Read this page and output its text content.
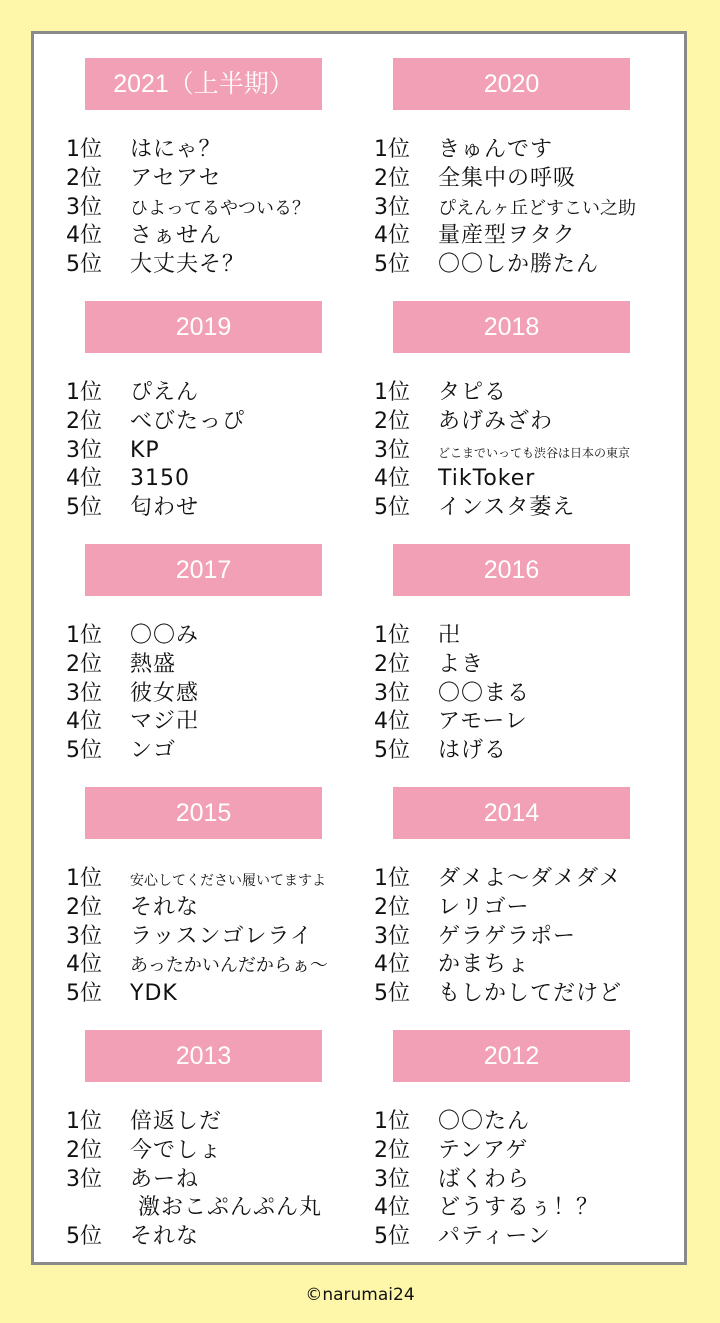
2021（上半期）
1位 はにゃ？
2位 アセアセ
3位 ひよってるやついる？
4位 さぁせん
5位 大丈夫そ？
2020
1位 きゅんです
2位 全集中の呼吸
3位 ぴえんヶ丘どすこい之助
4位 量産型ヲタク
5位 〇〇しか勝たん
2019
1位 ぴえん
2位 べびたっぴ
3位 KP
4位 3150
5位 匂わせ
2018
1位 タピる
2位 あげみざわ
3位 どこまでいっても渋谷は日本の東京
4位 TikToker
5位 インスタ萎え
2017
1位 〇〇み
2位 熱盛
3位 彼女感
4位 マジ卍
5位 ンゴ
2016
1位 卍
2位 よき
3位 〇〇まる
4位 アモーレ
5位 はげる
2015
1位 安心してください履いてますよ
2位 それな
3位 ラッスンゴレライ
4位 あったかいんだからぁ〜
5位 YDK
2014
1位 ダメよ〜ダメダメ
2位 レリゴー
3位 ゲラゲラポー
4位 かまちょ
5位 もしかしてだけど
2013
1位 倍返しだ
2位 今でしょ
3位 あーね
激おこぷんぷん丸
5位 それな
2012
1位 〇〇たん
2位 テンアゲ
3位 ばくわら
4位 どうするぅ！？
5位 パティーン
©narumai24
